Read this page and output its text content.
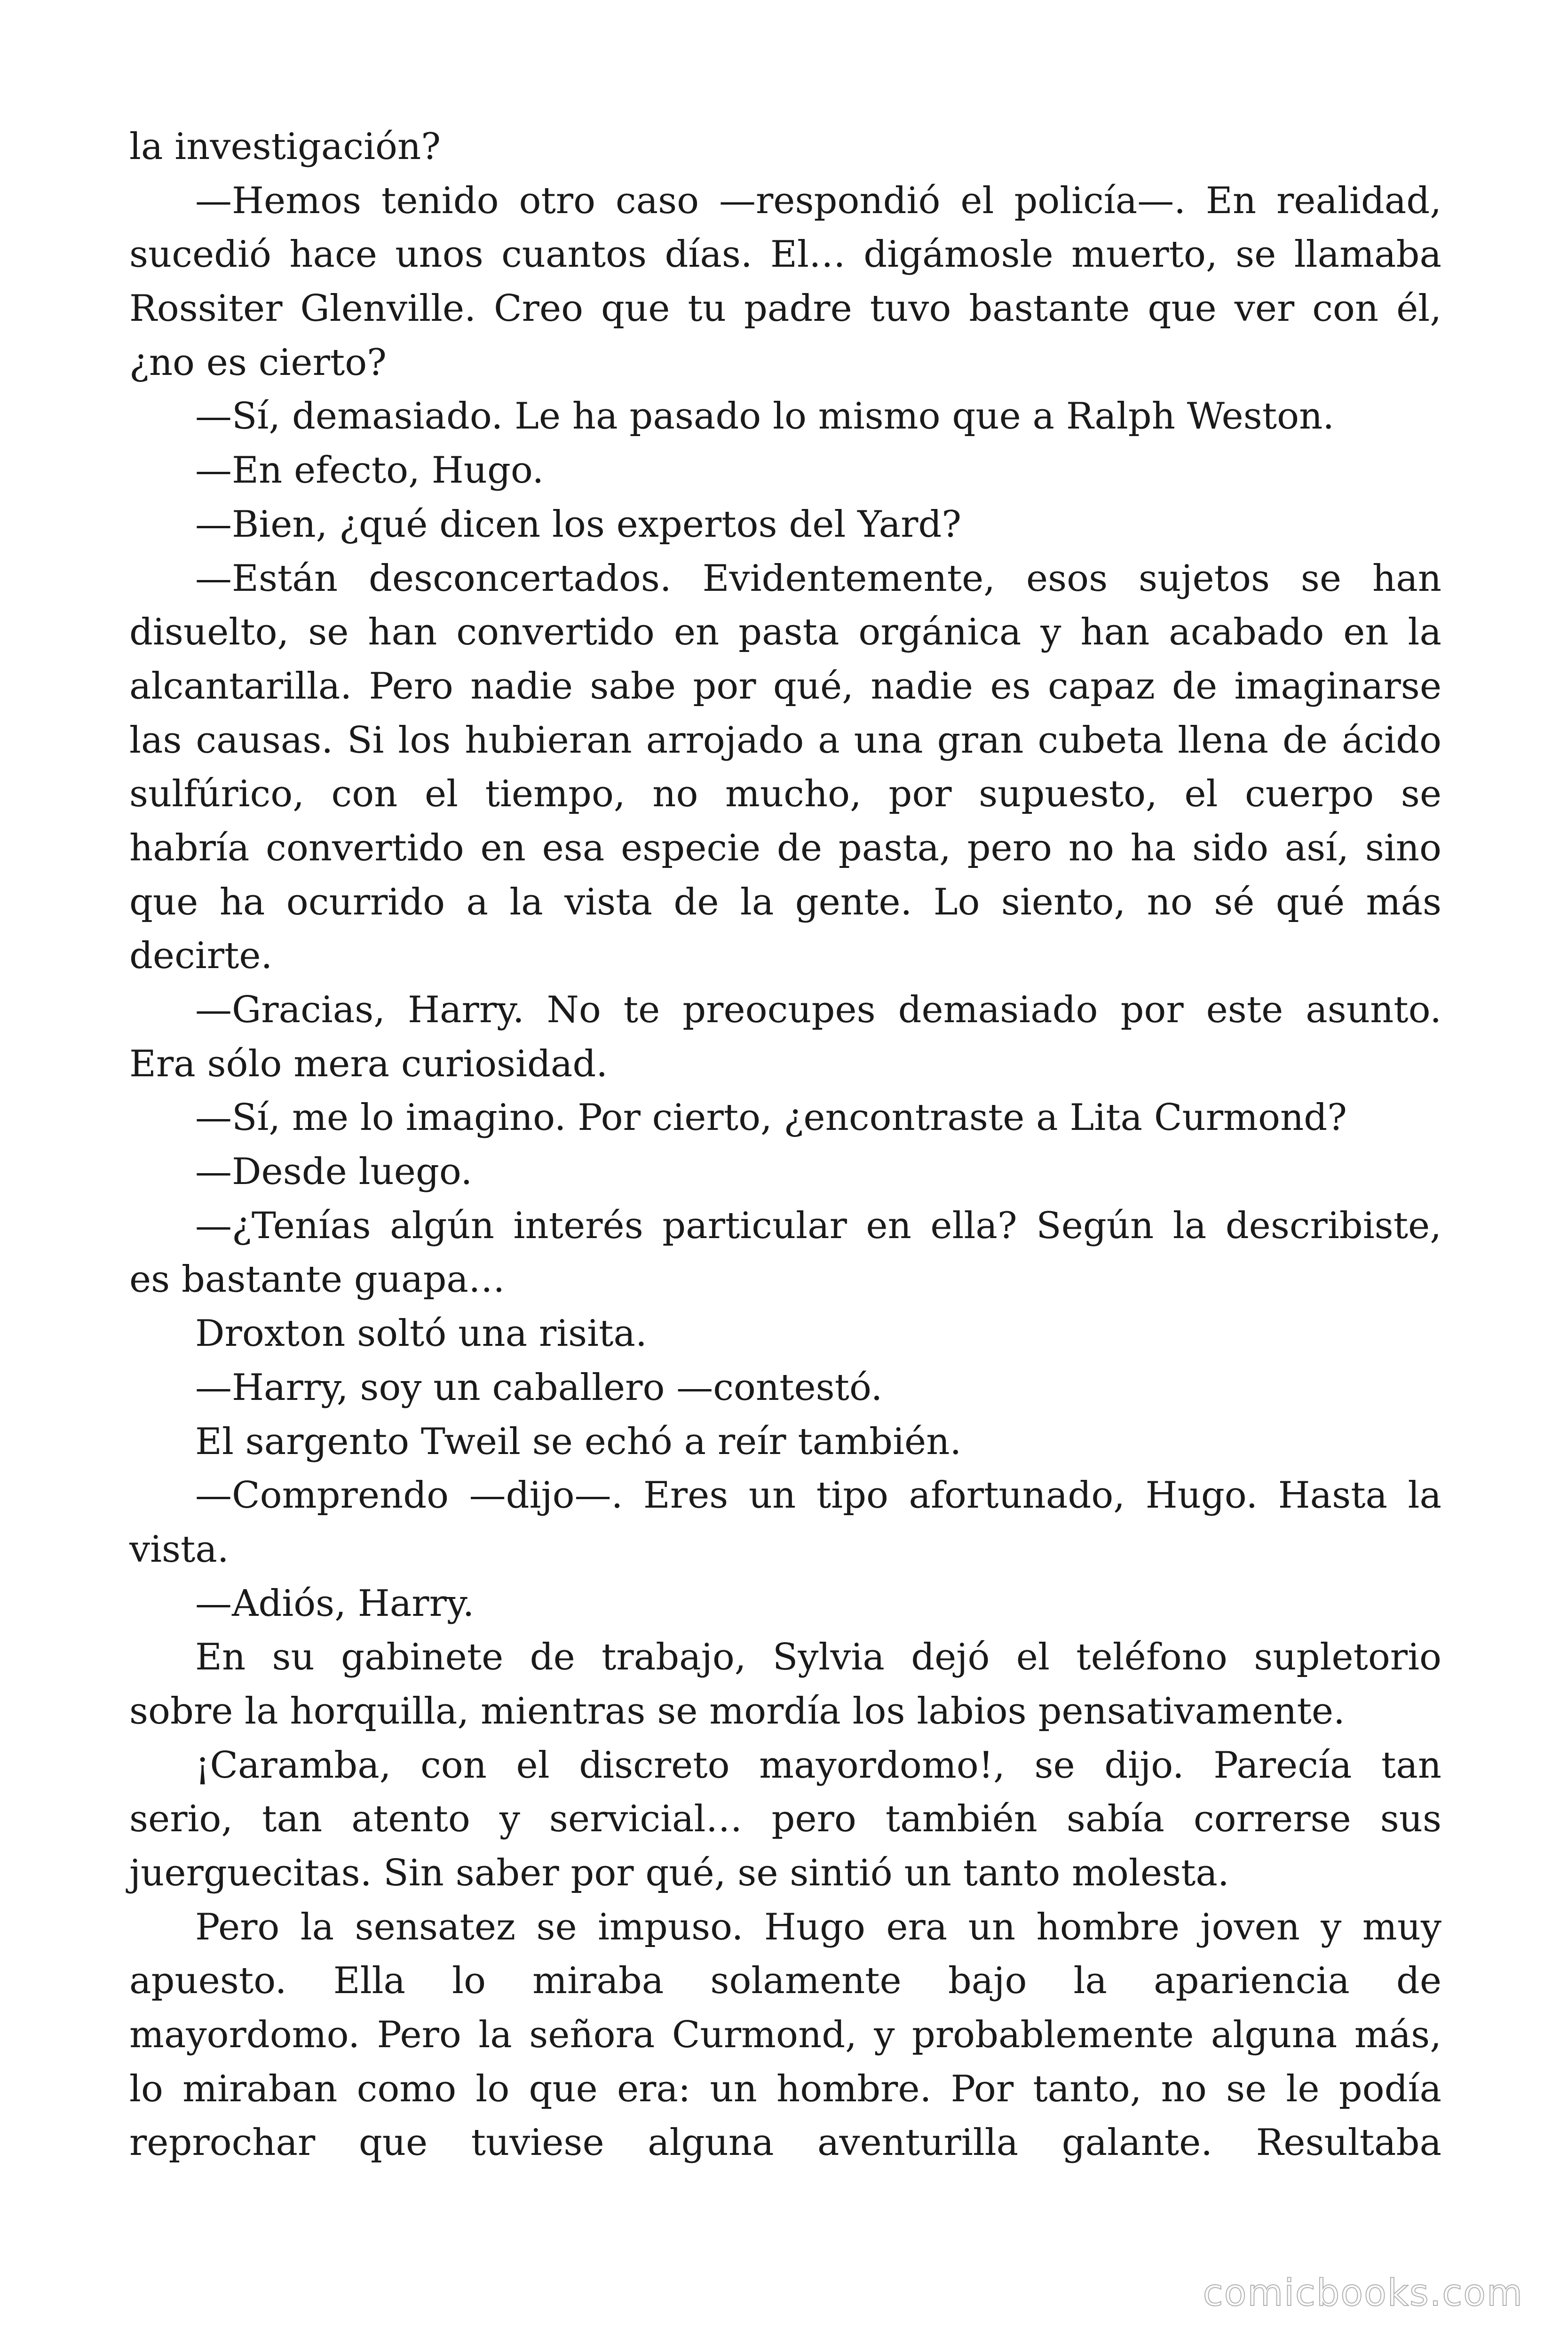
la investigación?
—Hemos tenido otro caso —respondió el policía—. En realidad,
sucedió hace unos cuantos días. El… digámosle muerto, se llamaba
Rossiter Glenville. Creo que tu padre tuvo bastante que ver con él,
¿no es cierto?
—Sí, demasiado. Le ha pasado lo mismo que a Ralph Weston.
—En efecto, Hugo.
—Bien, ¿qué dicen los expertos del Yard?
—Están desconcertados. Evidentemente, esos sujetos se han
disuelto, se han convertido en pasta orgánica y han acabado en la
alcantarilla. Pero nadie sabe por qué, nadie es capaz de imaginarse
las causas. Si los hubieran arrojado a una gran cubeta llena de ácido
sulfúrico, con el tiempo, no mucho, por supuesto, el cuerpo se
habría convertido en esa especie de pasta, pero no ha sido así, sino
que ha ocurrido a la vista de la gente. Lo siento, no sé qué más
decirte.
—Gracias, Harry. No te preocupes demasiado por este asunto.
Era sólo mera curiosidad.
—Sí, me lo imagino. Por cierto, ¿encontraste a Lita Curmond?
—Desde luego.
—¿Tenías algún interés particular en ella? Según la describiste,
es bastante guapa…
Droxton soltó una risita.
—Harry, soy un caballero —contestó.
El sargento Tweil se echó a reír también.
—Comprendo —dijo—. Eres un tipo afortunado, Hugo. Hasta la
vista.
—Adiós, Harry.
En su gabinete de trabajo, Sylvia dejó el teléfono supletorio
sobre la horquilla, mientras se mordía los labios pensativamente.
¡Caramba, con el discreto mayordomo!, se dijo. Parecía tan
serio, tan atento y servicial… pero también sabía correrse sus
juerguecitas. Sin saber por qué, se sintió un tanto molesta.
Pero la sensatez se impuso. Hugo era un hombre joven y muy
apuesto. Ella lo miraba solamente bajo la apariencia de
mayordomo. Pero la señora Curmond, y probablemente alguna más,
lo miraban como lo que era: un hombre. Por tanto, no se le podía
reprochar que tuviese alguna aventurilla galante. Resultaba
comicbooks.com
